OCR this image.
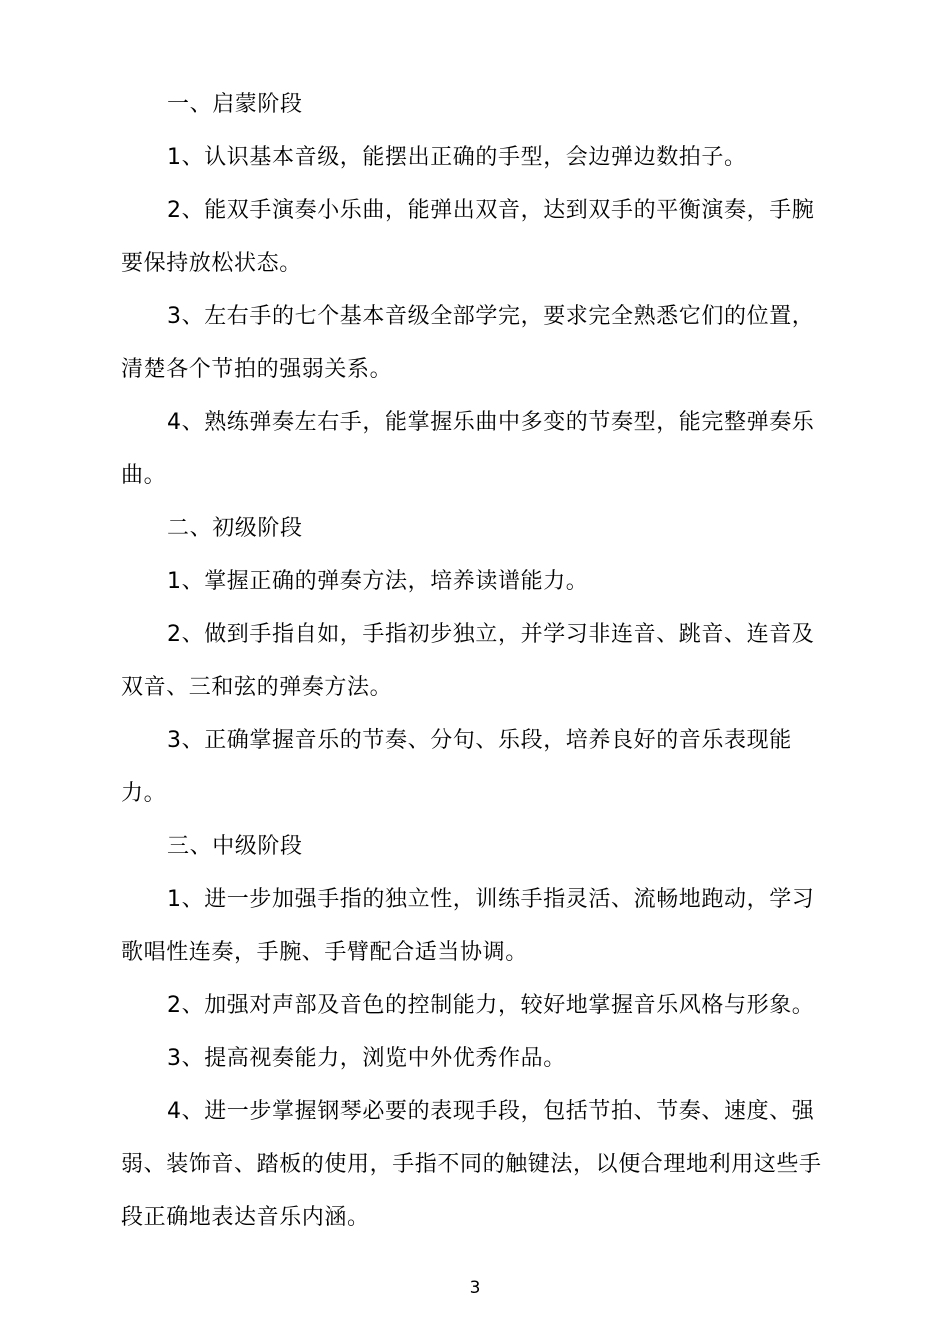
一、启蒙阶段

1、认识基本音级，能摆出正确的手型，会边弹边数拍子。

2、能双手演奏小乐曲，能弹出双音，达到双手的平衡演奏，手腕要保持放松状态。

3、左右手的七个基本音级全部学完，要求完全熟悉它们的位置，清楚各个节拍的强弱关系。

4、熟练弹奏左右手，能掌握乐曲中多变的节奏型，能完整弹奏乐曲。

二、初级阶段

1、掌握正确的弹奏方法，培养读谱能力。

2、做到手指自如，手指初步独立，并学习非连音、跳音、连音及双音、三和弦的弹奏方法。

3、正确掌握音乐的节奏、分句、乐段，培养良好的音乐表现能力。

三、中级阶段

1、进一步加强手指的独立性，训练手指灵活、流畅地跑动，学习歌唱性连奏，手腕、手臂配合适当协调。

2、加强对声部及音色的控制能力，较好地掌握音乐风格与形象。

3、提高视奏能力，浏览中外优秀作品。

4、进一步掌握钢琴必要的表现手段，包括节拍、节奏、速度、强弱、装饰音、踏板的使用，手指不同的触键法，以便合理地利用这些手段正确地表达音乐内涵。

3
